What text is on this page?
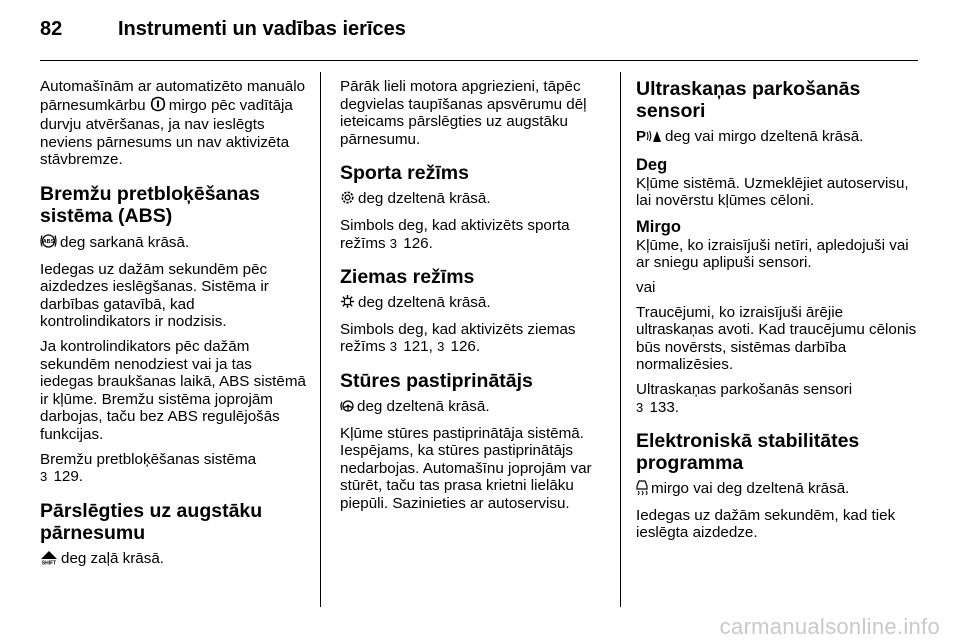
82	Instrumenti un vadības ierīces

Automašīnām ar automatizēto manuālo pārnesumkārbu mirgo pēc vadītāja durvju atvēršanas, ja nav ieslēgts neviens pārnesums un nav aktivizēta stāvbremze.

Bremžu pretbloķēšanas sistēma (ABS)

ABS deg sarkanā krāsā.

Iedegas uz dažām sekundēm pēc aizdedzes ieslēgšanas. Sistēma ir darbības gatavībā, kad kontrolindikators ir nodzisis.

Ja kontrolindikators pēc dažām sekundēm nenodziest vai ja tas iedegas braukšanas laikā, ABS sistēmā ir kļūme. Bremžu sistēma joprojām darbojas, taču bez ABS regulējošās funkcijas.

Bremžu pretbloķēšanas sistēma
3 129.

Pārslēgties uz augstāku pārnesumu

SHIFT deg zaļā krāsā.

Pārāk lieli motora apgriezieni, tāpēc degvielas taupīšanas apsvērumu dēļ ieteicams pārslēgties uz augstāku pārnesumu.

Sporta režīms

deg dzeltenā krāsā.

Simbols deg, kad aktivizēts sporta režīms 3 126.

Ziemas režīms

deg dzeltenā krāsā.

Simbols deg, kad aktivizēts ziemas režīms 3 121, 3 126.

Stūres pastiprinātājs

deg dzeltenā krāsā.

Kļūme stūres pastiprinātāja sistēmā. Iespējams, ka stūres pastiprinātājs nedarbojas. Automašīnu joprojām var stūrēt, taču tas prasa krietni lielāku piepūli. Sazinieties ar autoservisu.

Ultraskaņas parkošanās sensori

P deg vai mirgo dzeltenā krāsā.

Deg

Kļūme sistēmā. Uzmeklējiet autoservisu, lai novērstu kļūmes cēloni.

Mirgo

Kļūme, ko izraisījuši netīri, apledojuši vai ar sniegu aplipuši sensori.

vai

Traucējumi, ko izraisījuši ārējie ultraskaņas avoti. Kad traucējumu cēlonis būs novērsts, sistēmas darbība normalizēsies.

Ultraskaņas parkošanās sensori
3 133.

Elektroniskā stabilitātes programma

mirgo vai deg dzeltenā krāsā.

Iedegas uz dažām sekundēm, kad tiek ieslēgta aizdedze.

carmanualsonline.info
